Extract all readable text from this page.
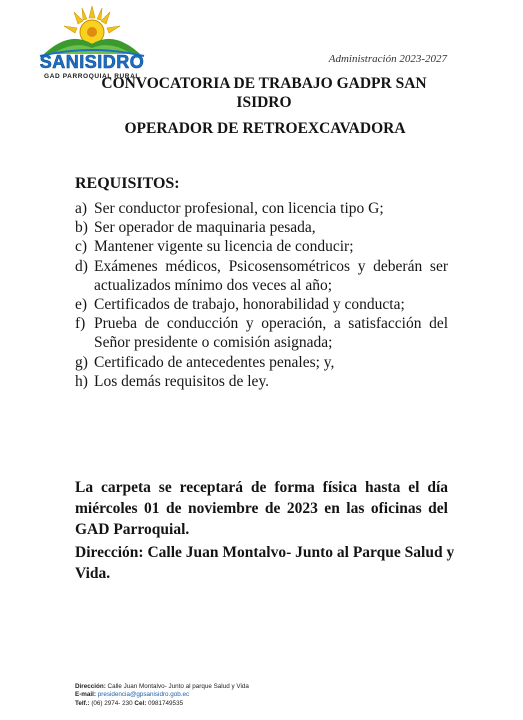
SANISIDRO
GAD PARROQUIAL RURAL
Administración 2023-2027
CONVOCATORIA DE TRABAJO GADPR SAN ISIDRO
OPERADOR DE RETROEXCAVADORA
REQUISITOS:
a) Ser conductor profesional, con licencia tipo G;
b) Ser operador de maquinaria pesada,
c) Mantener vigente su licencia de conducir;
d) Exámenes médicos, Psicosensométricos y deberán ser actualizados mínimo dos veces al año;
e) Certificados de trabajo, honorabilidad y conducta;
f) Prueba de conducción y operación, a satisfacción del Señor presidente o comisión asignada;
g) Certificado de antecedentes penales; y,
h) Los demás requisitos de ley.
La carpeta se receptará de forma física hasta el día miércoles 01 de noviembre de 2023 en las oficinas del GAD Parroquial.
Dirección: Calle Juan Montalvo- Junto al Parque Salud y Vida.
Dirección: Calle Juan Montalvo- Junto al parque Salud y Vida
E-mail: presidencia@gpsanisidro.gob.ec
Telf.: (06) 2974- 230 Cel: 0981749535
